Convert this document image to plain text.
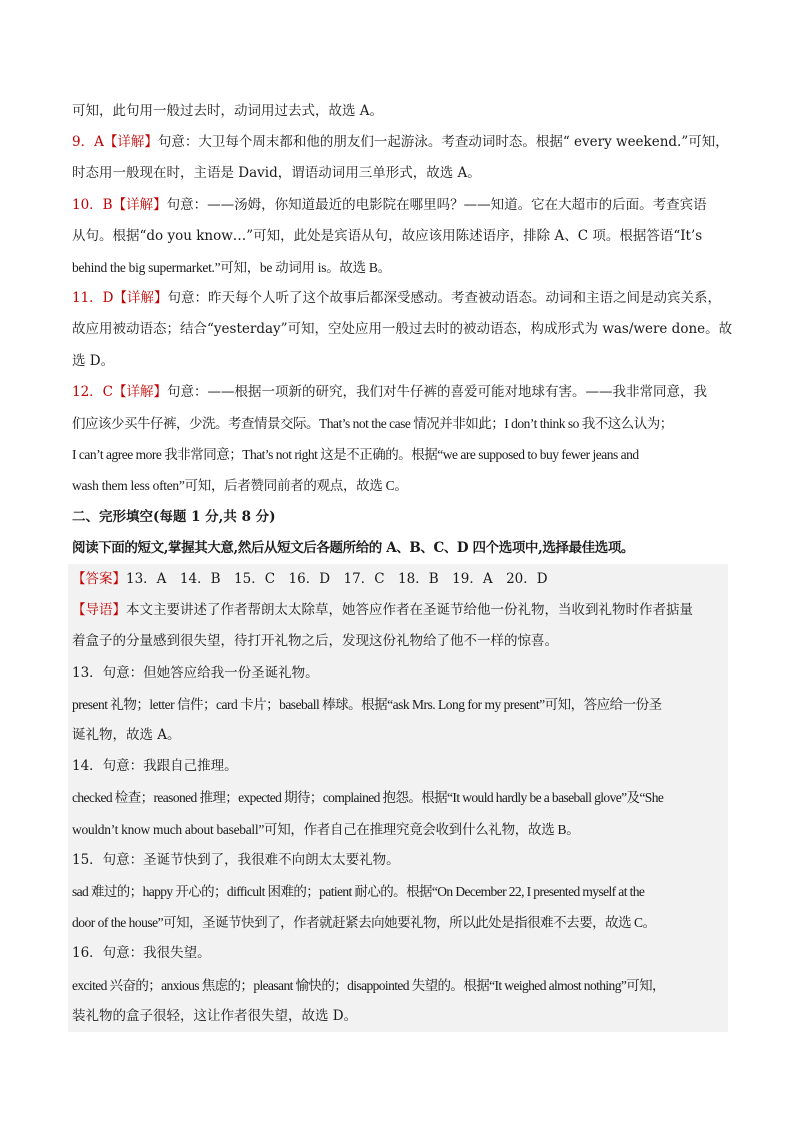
可知，此句用一般过去时，动词用过去式，故选 A。
9．A【详解】句意：大卫每个周末都和他的朋友们一起游泳。考查动词时态。根据“ every weekend.”可知，
时态用一般现在时，主语是 David，谓语动词用三单形式，故选 A。
10．B【详解】句意：——汤姆，你知道最近的电影院在哪里吗？——知道。它在大超市的后面。考查宾语
从句。根据“do you know…”可知，此处是宾语从句，故应该用陈述语序，排除 A、C 项。根据答语“It’s
behind the big supermarket.”可知，be 动词用 is。故选 B。
11．D【详解】句意：昨天每个人听了这个故事后都深受感动。考查被动语态。动词和主语之间是动宾关系，
故应用被动语态；结合“yesterday”可知，空处应用一般过去时的被动语态，构成形式为 was/were done。故
选 D。
12．C【详解】句意：——根据一项新的研究，我们对牛仔裤的喜爱可能对地球有害。——我非常同意，我
们应该少买牛仔裤，少洗。考查情景交际。That’s not the case 情况并非如此；I don’t think so 我不这么认为；
I can’t agree more 我非常同意；That’s not right 这是不正确的。根据“we are supposed to buy fewer jeans and
wash them less often”可知，后者赞同前者的观点，故选 C。
二、完形填空(每题 1 分,共 8 分)
阅读下面的短文,掌握其大意,然后从短文后各题所给的 A、B、C、D 四个选项中,选择最佳选项。
【答案】13．A　14．B　15．C　16．D　17．C　18．B　19．A　20．D
【导语】本文主要讲述了作者帮朗太太除草，她答应作者在圣诞节给他一份礼物，当收到礼物时作者掂量
着盒子的分量感到很失望，待打开礼物之后，发现这份礼物给了他不一样的惊喜。
13．句意：但她答应给我一份圣诞礼物。
present 礼物；letter 信件；card 卡片；baseball 棒球。根据“ask Mrs. Long for my present”可知，答应给一份圣
诞礼物，故选 A。
14．句意：我跟自己推理。
checked 检查；reasoned 推理；expected 期待；complained 抱怨。根据“It would hardly be a baseball glove”及“She
wouldn’t know much about baseball”可知，作者自己在推理究竟会收到什么礼物，故选 B。
15．句意：圣诞节快到了，我很难不向朗太太要礼物。
sad 难过的；happy 开心的；difficult 困难的；patient 耐心的。根据“On December 22, I presented myself at the
door of the house”可知，圣诞节快到了，作者就赶紧去向她要礼物，所以此处是指很难不去要，故选 C。
16．句意：我很失望。
excited 兴奋的；anxious 焦虑的；pleasant 愉快的；disappointed 失望的。根据“It weighed almost nothing”可知，
装礼物的盒子很轻，这让作者很失望，故选 D。
